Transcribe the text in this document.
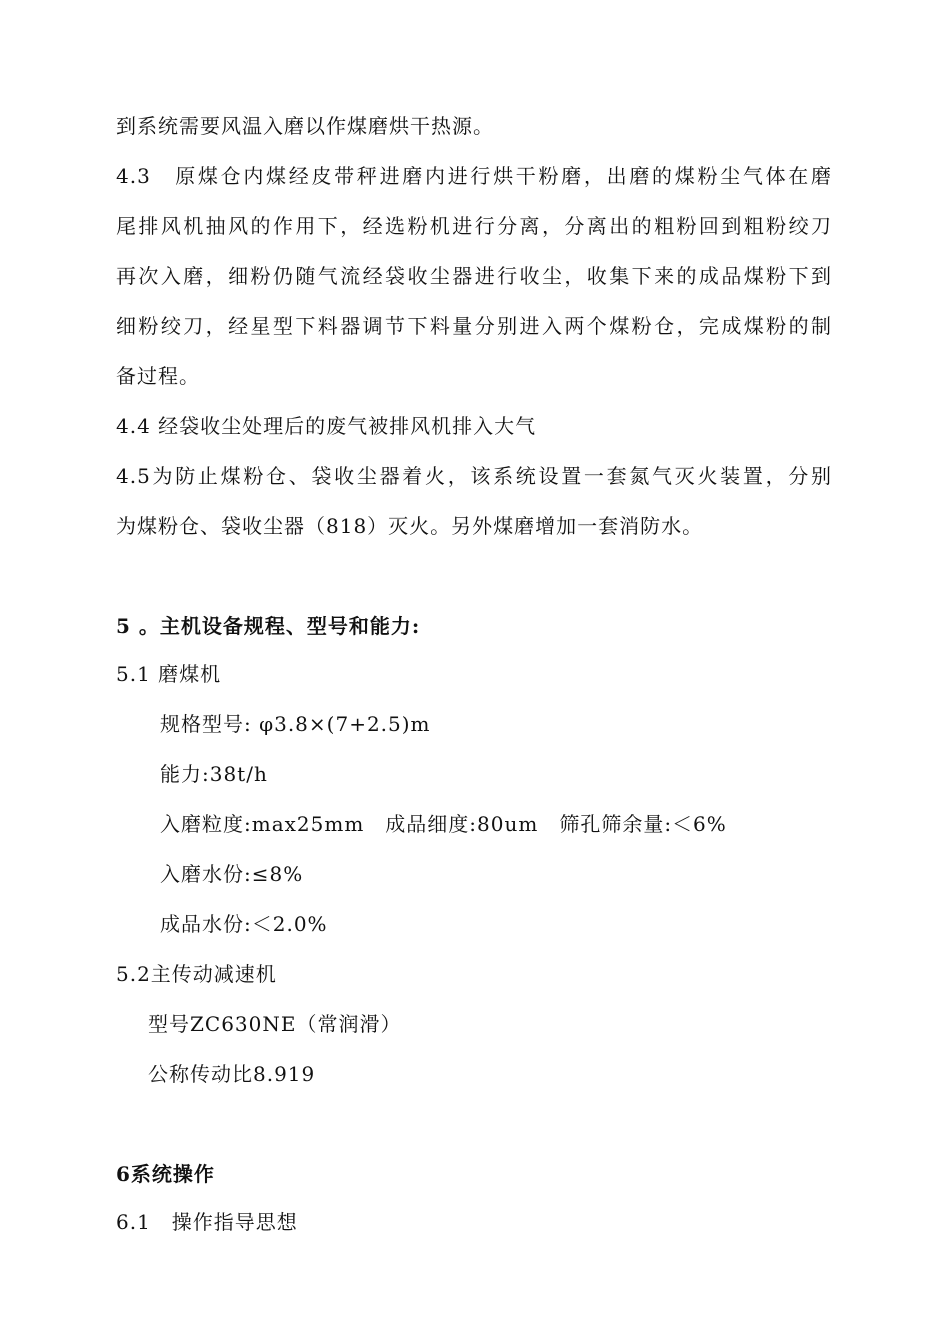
到系统需要风温入磨以作煤磨烘干热源。
4.3　原煤仓内煤经皮带秤进磨内进行烘干粉磨，出磨的煤粉尘气体在磨
尾排风机抽风的作用下，经选粉机进行分离，分离出的粗粉回到粗粉绞刀
再次入磨，细粉仍随气流经袋收尘器进行收尘，收集下来的成品煤粉下到
细粉绞刀，经星型下料器调节下料量分别进入两个煤粉仓，完成煤粉的制
备过程。
4.4 经袋收尘处理后的废气被排风机排入大气
4.5为防止煤粉仓、袋收尘器着火，该系统设置一套氮气灭火装置，分别
为煤粉仓、袋收尘器（818）灭火。另外煤磨增加一套消防水。
5 。主机设备规程、型号和能力:
5.1 磨煤机
规格型号: φ3.8×(7+2.5)m
能力:38t/h
入磨粒度:max25mm　成品细度:80um　筛孔筛余量:＜6%
入磨水份:≤8%
成品水份:＜2.0%
5.2主传动减速机
型号ZC630NE（常润滑）
公称传动比8.919
6系统操作
6.1　操作指导思想
